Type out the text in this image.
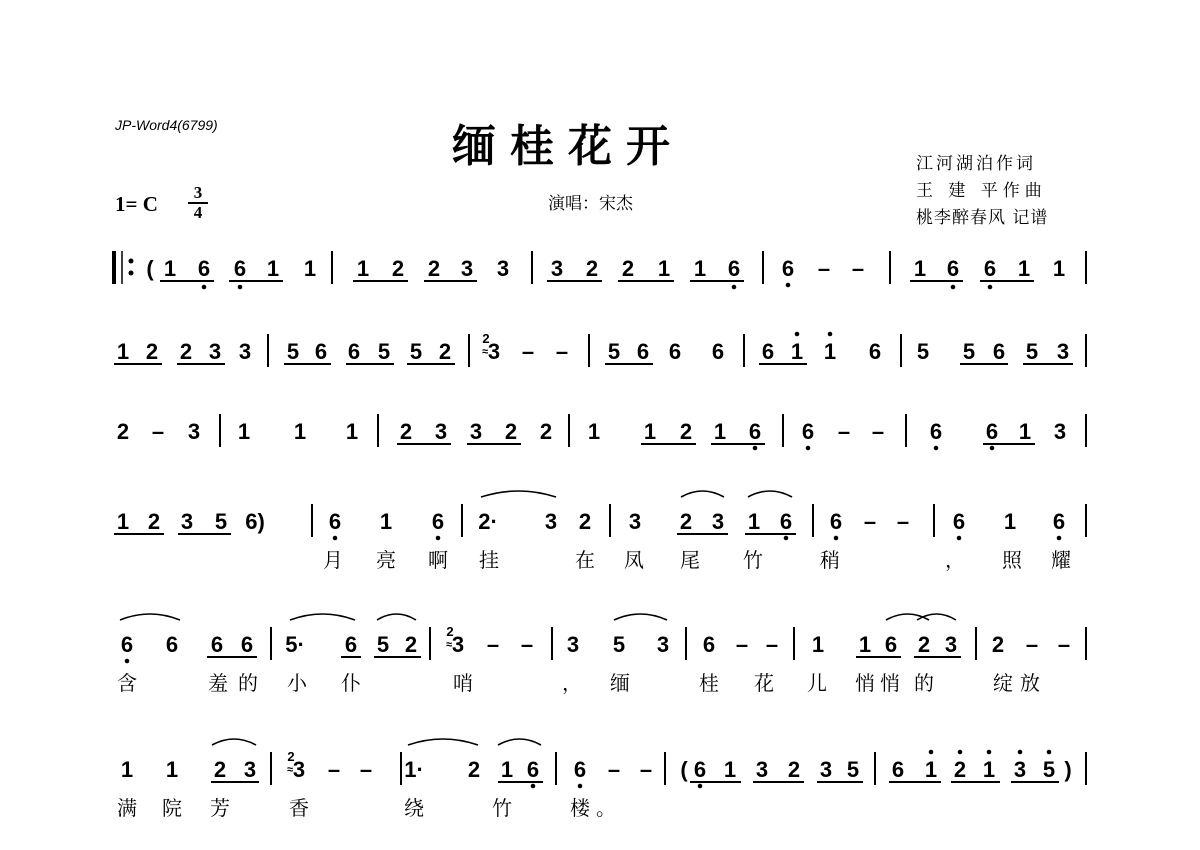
JP-Word4(6799)	缅桂花开
演唱：宋杰
江河湖泊作词
王 建 平作曲
桃李醉春风 记谱
1= C	3
4
( 1 6 6 1 1 1 2 2 3 3 3 2 2 1 1 6 6 – – 1 6 6 1 1
1 2 2 3 3 5 6 6 5 5 2 3 – – 5 6 6 6 6 1 1 6 5 5 6 5 3
2
≈
2 – 3 1 1 1 2 3 3 2 2 1 1 2 1 6 6 – – 6 6 1 3
1 2 3 5 6)	6 1 6 2· 3 2 3 2 3 1 6 6 – – 6 1 6
月 亮 啊 挂	在 凤 尾 竹	稍	， 照 耀
6 6 6 6 5· 6 5 2 3 – – 3 5 3 6 – – 1 1 6 2 3 2 – –
2
≈
含	羞 的 小 仆	哨	， 缅	桂 花 儿 悄 悄 的	绽 放
1 1 2 3 3 – – 1· 2 1 6 6 – – ( 6 1 3 2 3 5 6 1 2 1 3 5 )
2
≈
满 院 芳	香	绕	竹	楼 。
